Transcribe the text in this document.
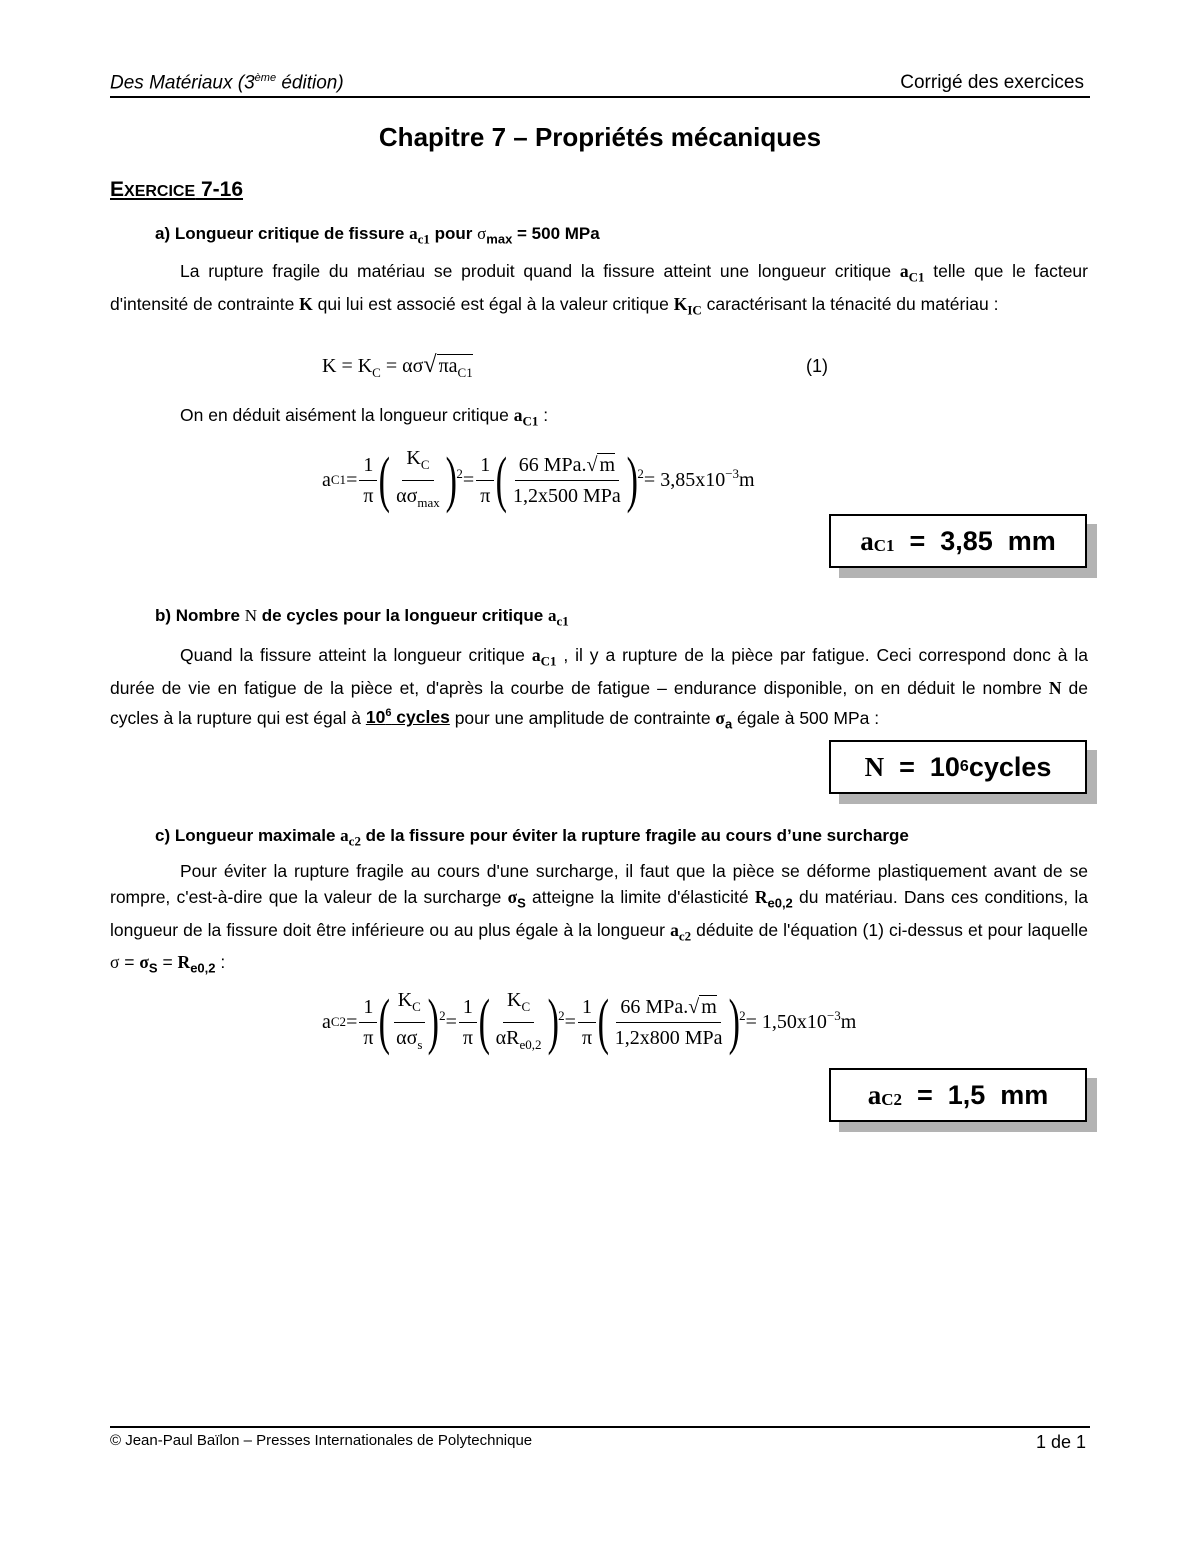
Des Matériaux (3ème édition)	Corrigé des exercices
Chapitre 7 – Propriétés mécaniques
EXERCICE 7-16
a) Longueur critique de fissure $a_{c1}$ pour $\sigma_{max} = 500$ MPa
La rupture fragile du matériau se produit quand la fissure atteint une longueur critique $a_{C1}$ telle que le facteur d'intensité de contrainte K qui lui est associé est égal à la valeur critique $K_{IC}$ caractérisant la ténacité du matériau :
$K = K_C = \alpha\sigma√$ $\pi a_{C1}$	(1)
On en déduit aisément la longueur critique $a_{C1}$ :
a $C1 = \frac{1}{\pi}$ ( $\frac{K_C}{\alpha\sigma_{max}}$ ) $2 = \frac{1}{\pi}$ ( $\frac{\text{66 MPa.√ m}}{\text{1,2x500 MPa}}$ ) 2 = 3,85x10 −3 m
a C1 =  3,85  mm
b) Nombre N de cycles pour la longueur critique $a_{c1}$
Quand la fissure atteint la longueur critique $a_{C1}$ , il y a rupture de la pièce par fatigue. Ceci correspond donc à la durée de vie en fatigue de la pièce et, d'après la courbe de fatigue – endurance disponible, on en déduit le nombre N de cycles à la rupture qui est égal à $10^6$ cycles pour une amplitude de contrainte $\sigma_a$ égale à 500 MPa :
N =  10 6 cycles
c) Longueur maximale $a_{c2}$ de la fissure pour éviter la rupture fragile au cours d’une surcharge
Pour éviter la rupture fragile au cours d'une surcharge, il faut que la pièce se déforme plastiquement avant de se rompre, c'est-à-dire que la valeur de la surcharge $\sigma_S$ atteigne la limite d'élasticité $R_{e0,2}$ du matériau. Dans ces conditions, la longueur de la fissure doit être inférieure ou au plus égale à la longueur $a_{c2}$ déduite de l'équation (1) ci-dessus et pour laquelle $\sigma = \sigma_S = R_{e0,2}$ :
a $C2 = \frac{1}{\pi}$ ( $\frac{K_C}{\alpha\sigma_s}$ ) $2 = \frac{1}{\pi}$ ( $\frac{K_C}{\alpha R_{e0,2}}$ ) $2 = \frac{1}{\pi}$ ( $\frac{\text{66 MPa.√ m}}{\text{1,2x800 MPa}}$ ) 2 = 1,50x10 −3 m
a C2 =  1,5  mm
© Jean-Paul Baïlon – Presses Internationales de Polytechnique	1 de 1
